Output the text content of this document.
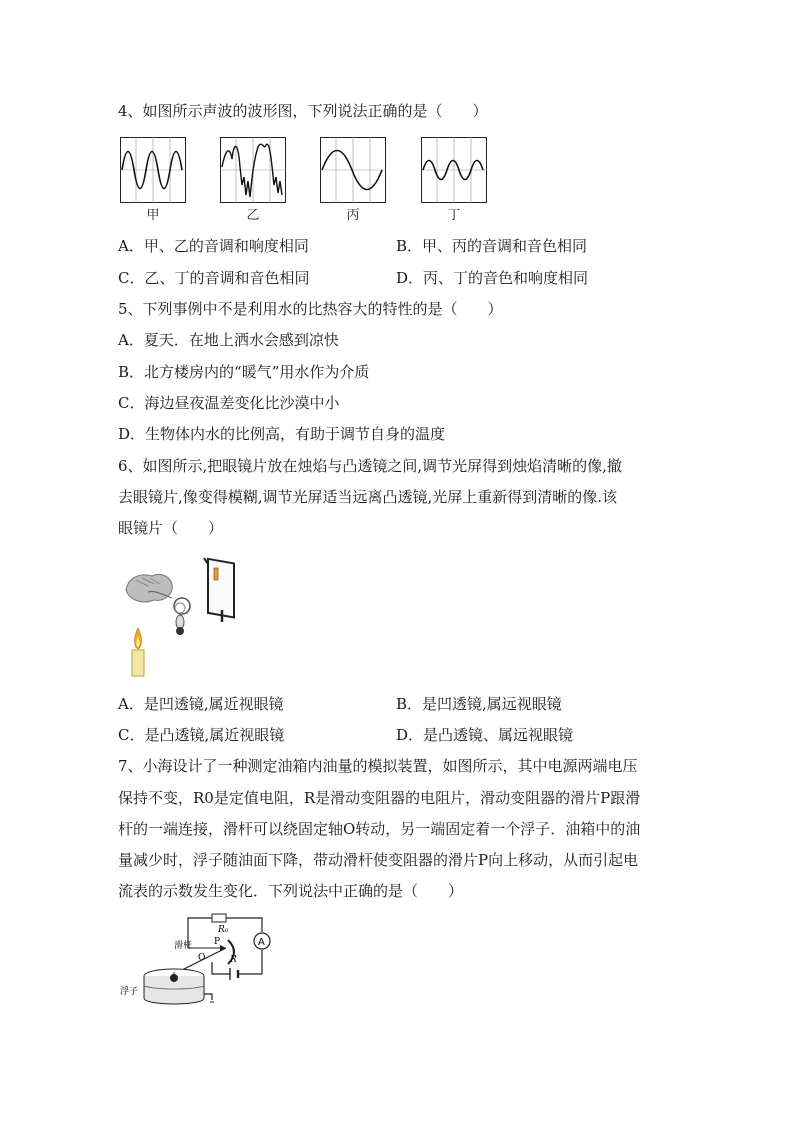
4、如图所示声波的波形图，下列说法正确的是（　　）
甲	乙	丙	丁
A．甲、乙的音调和响度相同	B．甲、丙的音调和音色相同
C．乙、丁的音调和音色相同	D．丙、丁的音色和响度相同
5、下列事例中不是利用水的比热容大的特性的是（　　）
A．夏天．在地上洒水会感到凉快
B．北方楼房内的“暖气”用水作为介质
C．海边昼夜温差变化比沙漠中小
D．生物体内水的比例高，有助于调节自身的温度
6、如图所示,把眼镜片放在烛焰与凸透镜之间,调节光屏得到烛焰清晰的像,撤
去眼镜片,像变得模糊,调节光屏适当远离凸透镜,光屏上重新得到清晰的像.该
眼镜片（　　）
A．是凹透镜,属近视眼镜	B．是凹透镜,属远视眼镜
C．是凸透镜,属近视眼镜	D．是凸透镜、属远视眼镜
7、小海设计了一种测定油箱内油量的模拟装置，如图所示，其中电源两端电压
保持不变，R0是定值电阻，R是滑动变阻器的电阻片，滑动变阻器的滑片P跟滑
杆的一端连接，滑杆可以绕固定轴O转动，另一端固定着一个浮子．油箱中的油
量减少时，浮子随油面下降，带动滑杆使变阻器的滑片P向上移动，从而引起电
流表的示数发生变化．下列说法中正确的是（　　）
R₀
A
R
P
O
滑杆
浮子
